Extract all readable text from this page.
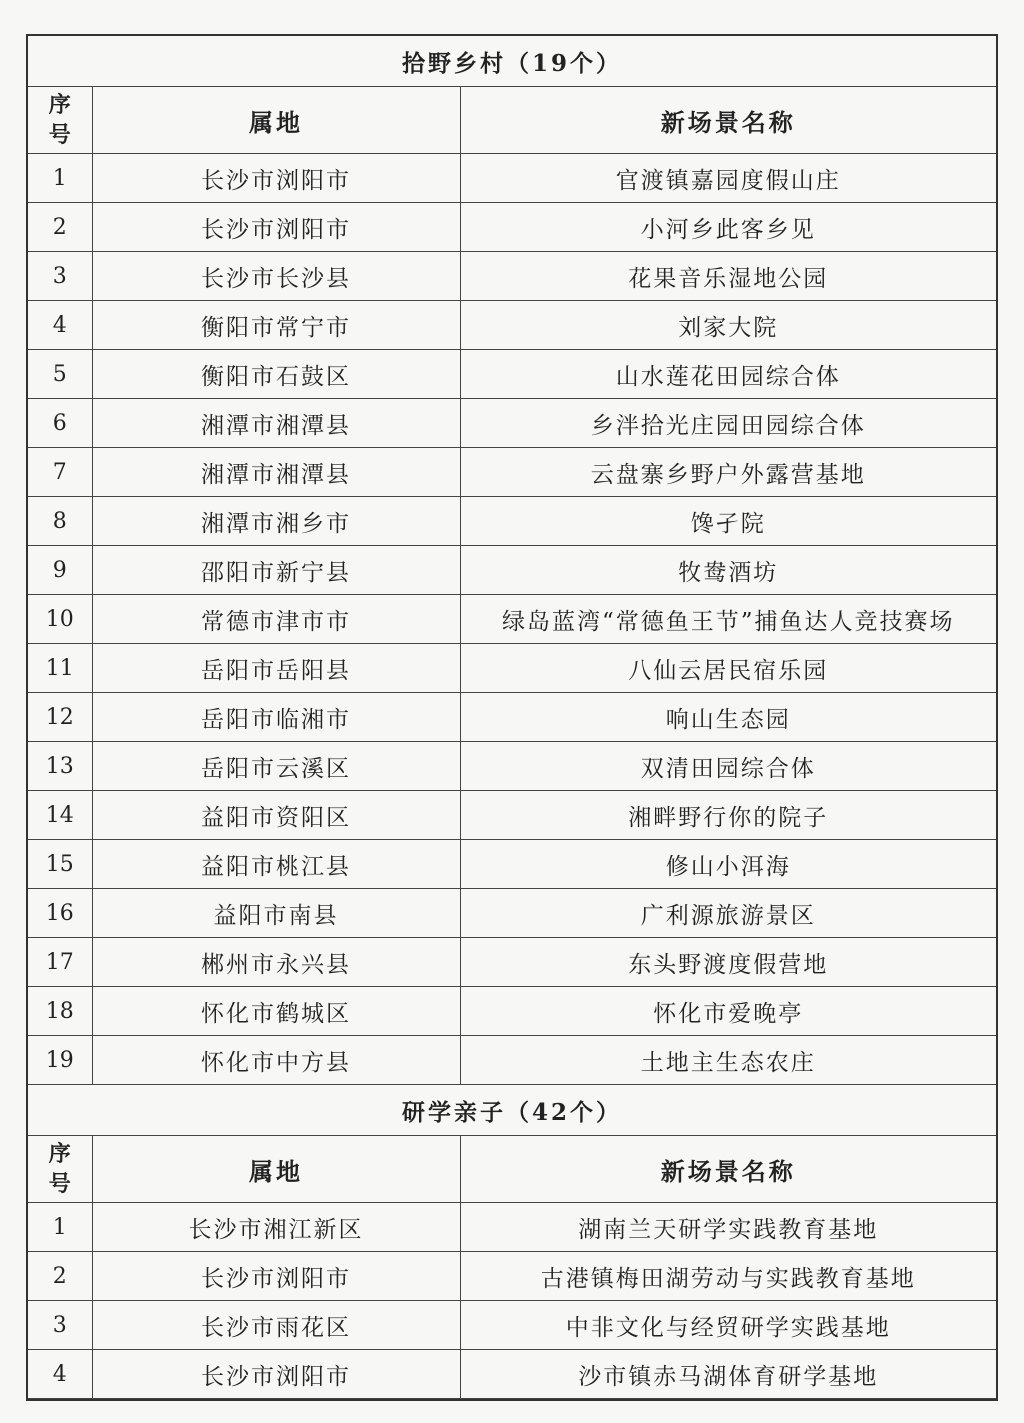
拾野乡村（19个）		
序
号	属地	新场景名称
1	长沙市浏阳市	官渡镇嘉园度假山庄
2	长沙市浏阳市	小河乡此客乡见
3	长沙市长沙县	花果音乐湿地公园
4	衡阳市常宁市	刘家大院
5	衡阳市石鼓区	山水莲花田园综合体
6	湘潭市湘潭县	乡泮拾光庄园田园综合体
7	湘潭市湘潭县	云盘寨乡野户外露营基地
8	湘潭市湘乡市	馋孑院
9	邵阳市新宁县	牧鸯酒坊
10	常德市津市市	绿岛蓝湾“常德鱼王节”捕鱼达人竞技赛场
11	岳阳市岳阳县	八仙云居民宿乐园
12	岳阳市临湘市	响山生态园
13	岳阳市云溪区	双清田园综合体
14	益阳市资阳区	湘畔野行你的院子
15	益阳市桃江县	修山小洱海
16	益阳市南县	广利源旅游景区
17	郴州市永兴县	东头野渡度假营地
18	怀化市鹤城区	怀化市爱晚亭
19	怀化市中方县	土地主生态农庄
研学亲子（42个）		
序
号	属地	新场景名称
1	长沙市湘江新区	湖南兰天研学实践教育基地
2	长沙市浏阳市	古港镇梅田湖劳动与实践教育基地
3	长沙市雨花区	中非文化与经贸研学实践基地
4	长沙市浏阳市	沙市镇赤马湖体育研学基地
